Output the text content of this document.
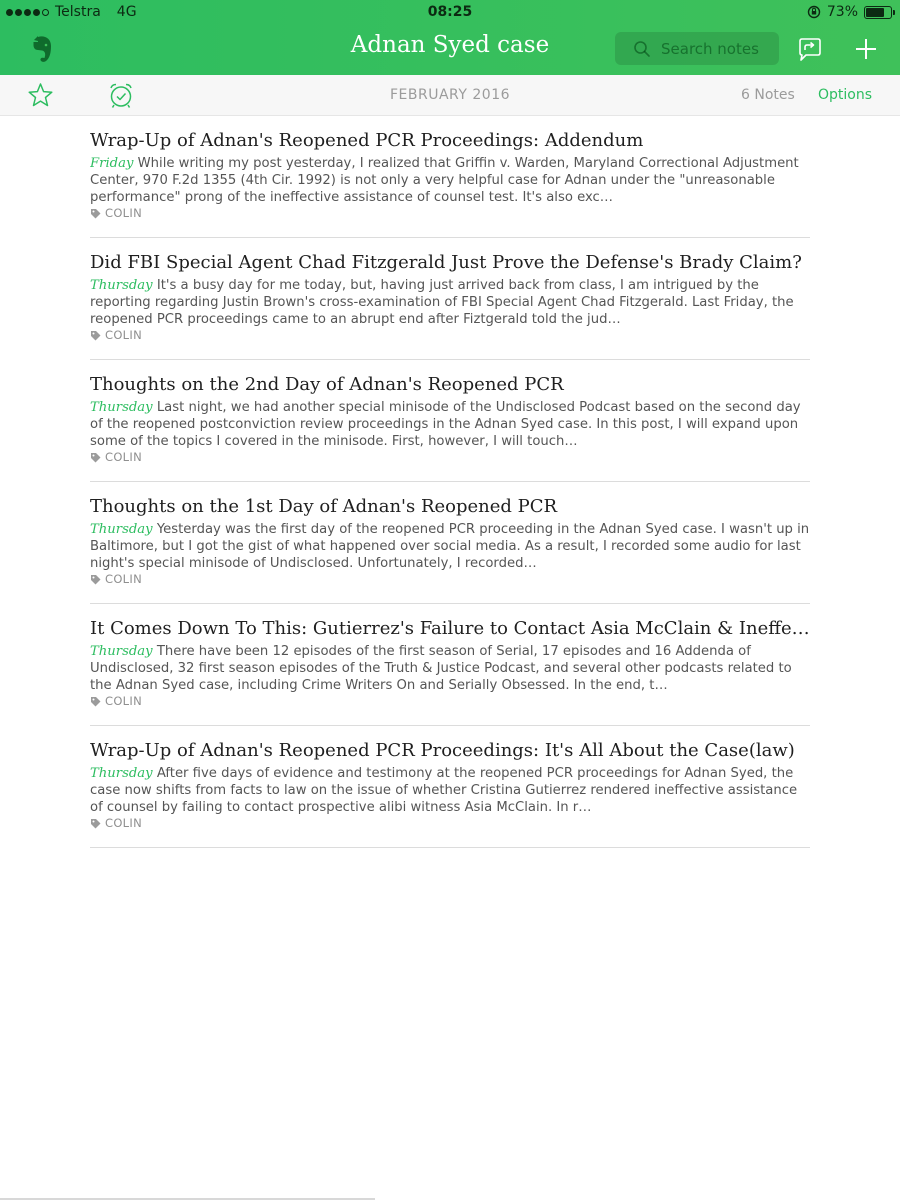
Telstra 4G	08:25	73%
Adnan Syed case
Search notes
FEBRUARY 2016	6 Notes Options
Wrap-Up of Adnan's Reopened PCR Proceedings: Addendum
Friday While writing my post yesterday, I realized that Griffin v. Warden, Maryland Correctional Adjustment Center, 970 F.2d 1355 (4th Cir. 1992) is not only a very helpful case for Adnan under the "unreasonable performance" prong of the ineffective assistance of counsel test. It's also exc…
COLIN
Did FBI Special Agent Chad Fitzgerald Just Prove the Defense's Brady Claim?
Thursday It's a busy day for me today, but, having just arrived back from class, I am intrigued by the reporting regarding Justin Brown's cross-examination of FBI Special Agent Chad Fitzgerald. Last Friday, the reopened PCR proceedings came to an abrupt end after Fiztgerald told the jud…
COLIN
Thoughts on the 2nd Day of Adnan's Reopened PCR
Thursday Last night, we had another special minisode of the Undisclosed Podcast based on the second day of the reopened postconviction review proceedings in the Adnan Syed case. In this post, I will expand upon some of the topics I covered in the minisode. First, however, I will touch…
COLIN
Thoughts on the 1st Day of Adnan's Reopened PCR
Thursday Yesterday was the first day of the reopened PCR proceeding in the Adnan Syed case. I wasn't up in Baltimore, but I got the gist of what happened over social media. As a result, I recorded some audio for last night's special minisode of Undisclosed. Unfortunately, I recorded…
COLIN
It Comes Down To This: Gutierrez's Failure to Contact Asia McClain & Ineffe…
Thursday There have been 12 episodes of the first season of Serial, 17 episodes and 16 Addenda of Undisclosed, 32 first season episodes of the Truth & Justice Podcast, and several other podcasts related to the Adnan Syed case, including Crime Writers On and Serially Obsessed. In the end, t…
COLIN
Wrap-Up of Adnan's Reopened PCR Proceedings: It's All About the Case(law)
Thursday After five days of evidence and testimony at the reopened PCR proceedings for Adnan Syed, the case now shifts from facts to law on the issue of whether Cristina Gutierrez rendered ineffective assistance of counsel by failing to contact prospective alibi witness Asia McClain. In r…
COLIN
